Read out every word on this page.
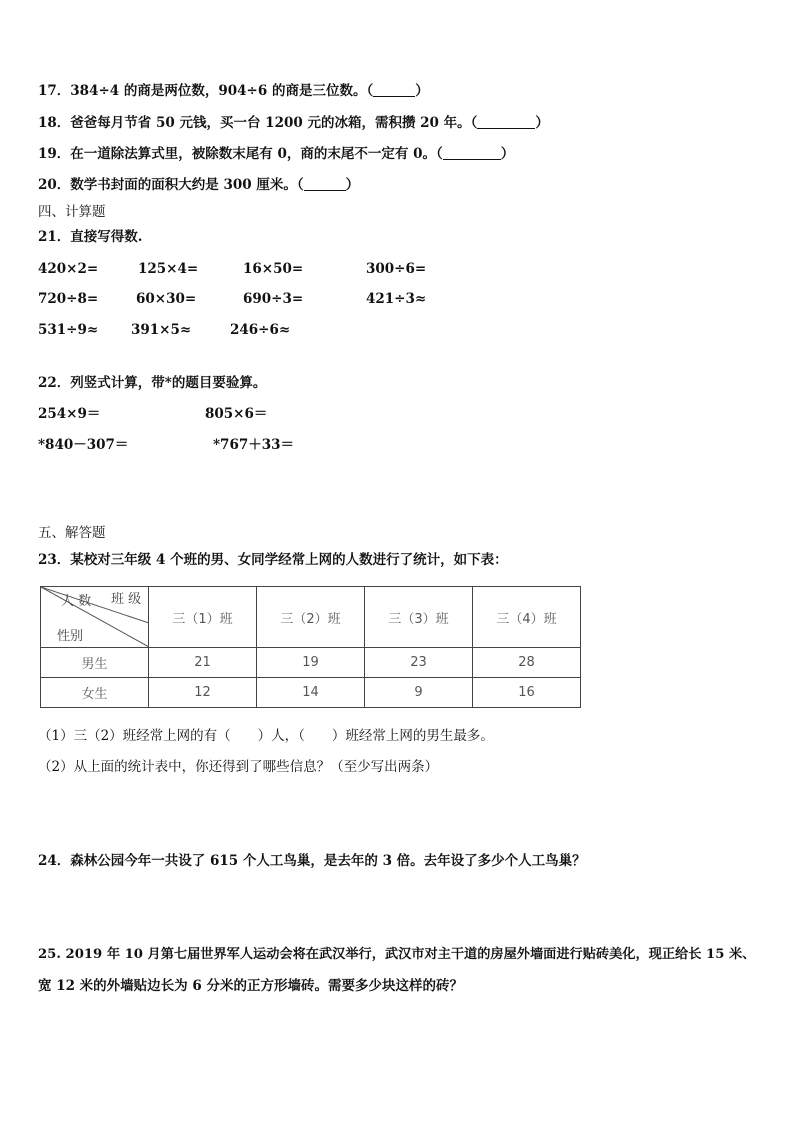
17．384÷4 的商是两位数，904÷6 的商是三位数。（	）
18．爸爸每月节省 50 元钱，买一台 1200 元的冰箱，需积攒 20 年。（	）
19．在一道除法算式里，被除数末尾有 0，商的末尾不一定有 0。（	）
20．数学书封面的面积大约是 300 厘米。（	）
四、计算题
21．直接写得数.
420×2=	125×4=	16×50=	300÷6=
720÷8=	60×30=	690÷3=	421÷3≈
531÷9≈ 391×5≈	246÷6≈
22．列竖式计算，带*的题目要验算。
254×9＝	805×6＝
*840－307＝	*767＋33＝
五、解答题
23．某校对三年级 4 个班的男、女同学经常上网的人数进行了统计，如下表：
人 数 班 级
性别	三（1）班	三（2）班	三（3）班	三（4）班
男生	21	19	23	28
女生	12	14	9	16
（1）三（2）班经常上网的有（　　）人，（　　）班经常上网的男生最多。
（2）从上面的统计表中，你还得到了哪些信息？（至少写出两条）
24．森林公园今年一共设了 615 个人工鸟巢，是去年的 3 倍。去年设了多少个人工鸟巢？
25. 2019 年 10 月第七届世界军人运动会将在武汉举行，武汉市对主干道的房屋外墙面进行贴砖美化，现正给长 15 米、
宽 12 米的外墙贴边长为 6 分米的正方形墙砖。需要多少块这样的砖？
